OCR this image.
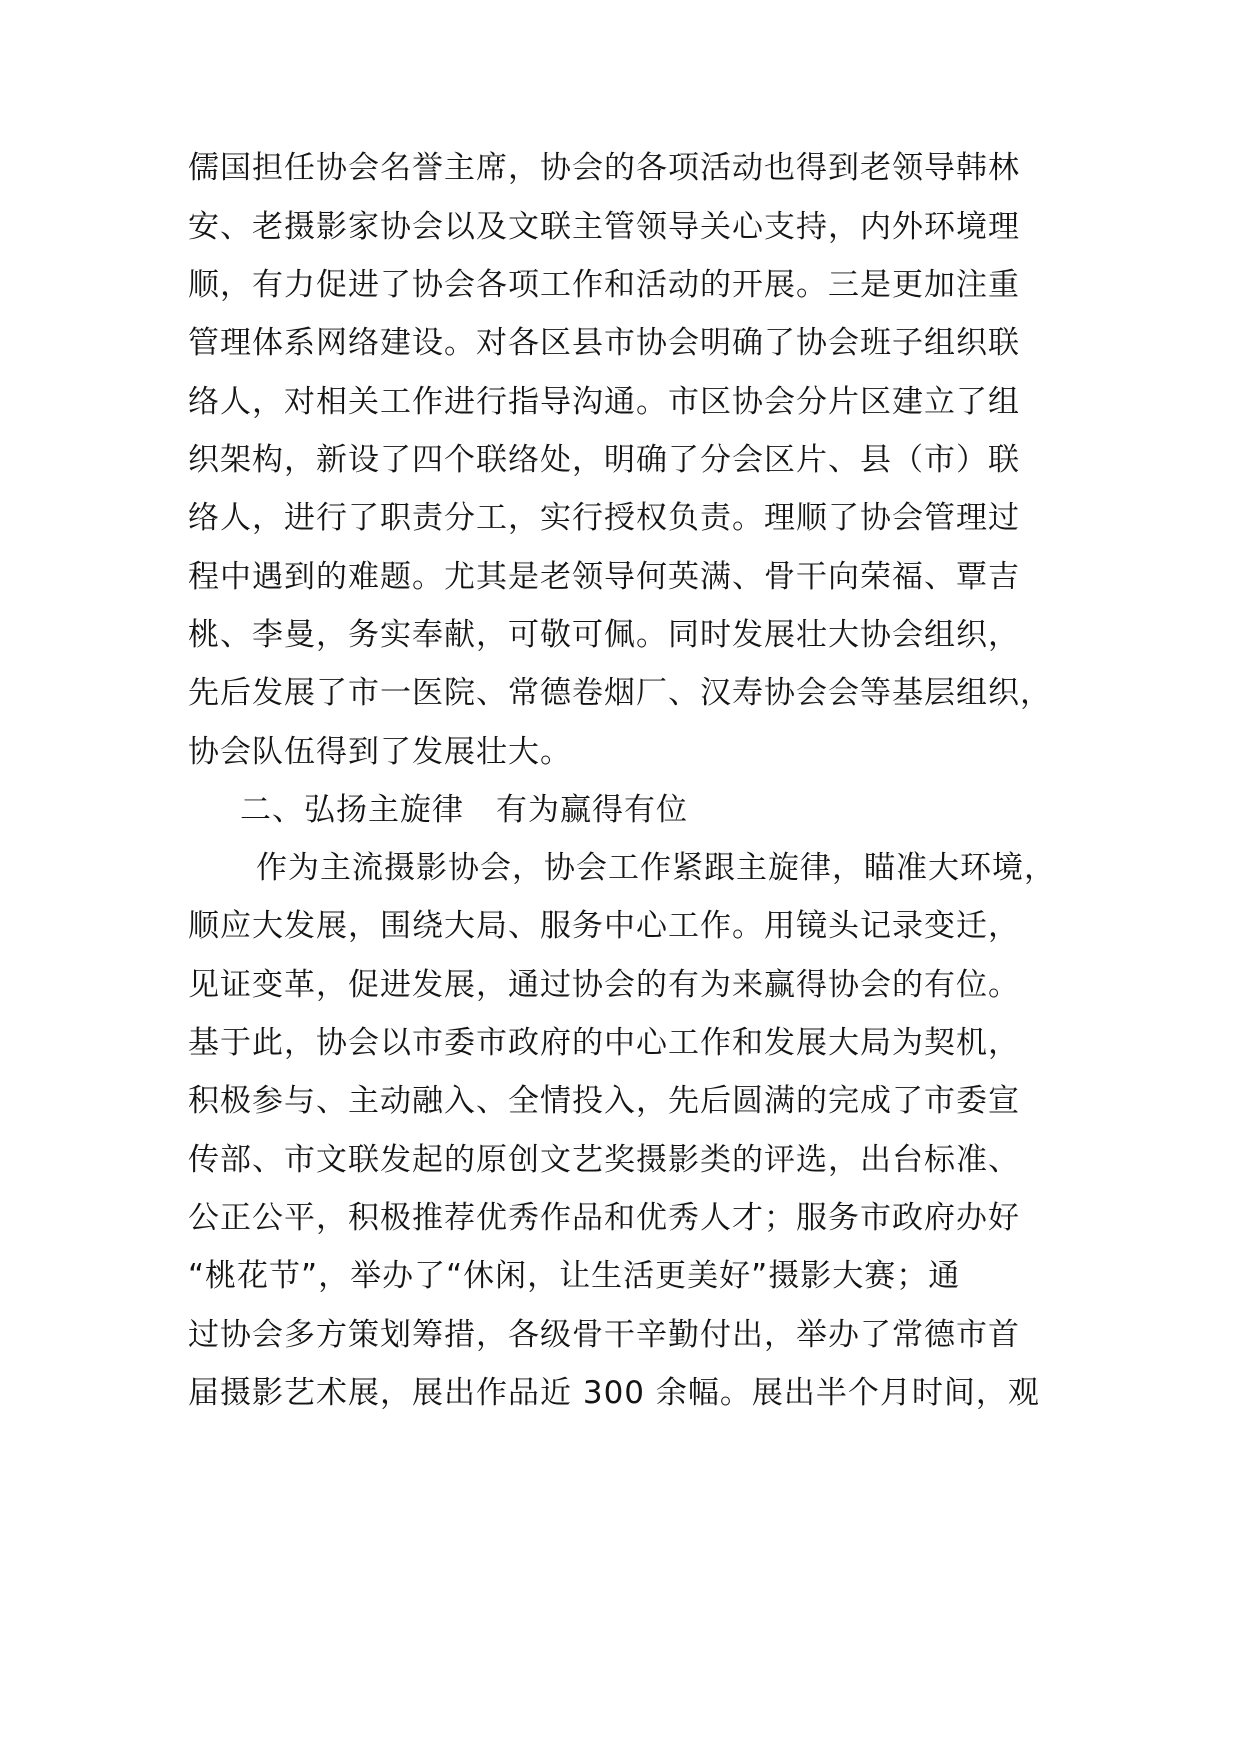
儒国担任协会名誉主席，协会的各项活动也得到老领导韩林
安、老摄影家协会以及文联主管领导关心支持，内外环境理
顺，有力促进了协会各项工作和活动的开展。三是更加注重
管理体系网络建设。对各区县市协会明确了协会班子组织联
络人，对相关工作进行指导沟通。市区协会分片区建立了组
织架构，新设了四个联络处，明确了分会区片、县（市）联
络人，进行了职责分工，实行授权负责。理顺了协会管理过
程中遇到的难题。尤其是老领导何英满、骨干向荣福、覃吉
桃、李曼，务实奉献，可敬可佩。同时发展壮大协会组织，
先后发展了市一医院、常德卷烟厂、汉寿协会会等基层组织，
协会队伍得到了发展壮大。
二、弘扬主旋律　有为赢得有位
作为主流摄影协会，协会工作紧跟主旋律，瞄准大环境，
顺应大发展，围绕大局、服务中心工作。用镜头记录变迁，
见证变革，促进发展，通过协会的有为来赢得协会的有位。
基于此，协会以市委市政府的中心工作和发展大局为契机，
积极参与、主动融入、全情投入，先后圆满的完成了市委宣
传部、市文联发起的原创文艺奖摄影类的评选，出台标准、
公正公平，积极推荐优秀作品和优秀人才；服务市政府办好
“桃花节”，举办了“休闲，让生活更美好”摄影大赛；通
过协会多方策划筹措，各级骨干辛勤付出，举办了常德市首
届摄影艺术展，展出作品近 300 余幅。展出半个月时间，观
